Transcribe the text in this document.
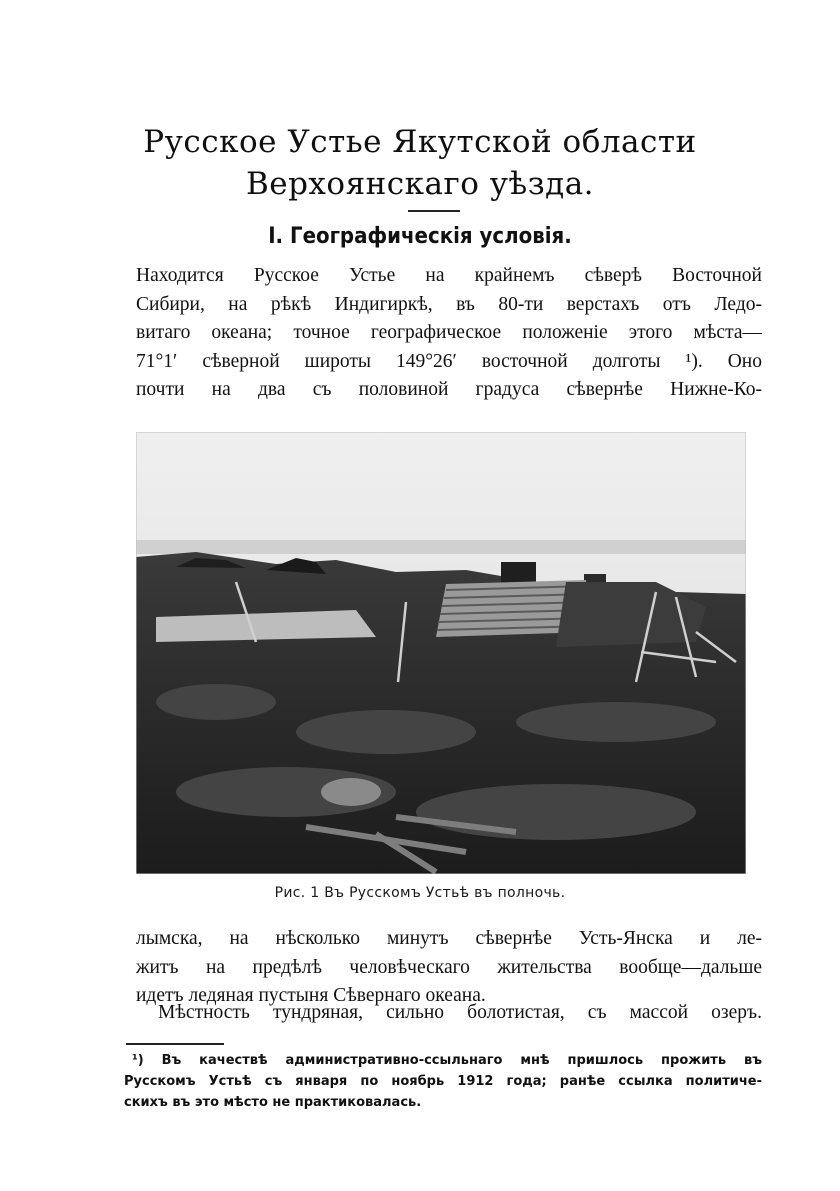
Русское Устье Якутской области
Верхоянскаго уѣзда.
I. Географическія условія.
Находится Русское Устье на крайнемъ сѣверѣ Восточной
Сибири, на рѣкѣ Индигиркѣ, въ 80-ти верстахъ отъ Ледо-
витаго океана; точное географическое положеніе этого мѣста—
71°1′ сѣверной широты 149°26′ восточной долготы ¹). Оно
почти на два съ половиной градуса сѣвернѣе Нижне-Ко-
Рис. 1 Въ Русскомъ Устьѣ въ полночь.
лымска, на нѣсколько минутъ сѣвернѣе Усть-Янска и ле-
житъ на предѣлѣ человѣческаго жительства вообще—дальше
идетъ ледяная пустыня Сѣвернаго океана.
Мѣстность тундряная, сильно болотистая, съ массой озеръ.
¹) Въ качествѣ административно-ссыльнаго мнѣ пришлось прожить въ
Русскомъ Устьѣ съ января по ноябрь 1912 года; ранѣе ссылка политиче-
скихъ въ это мѣсто не практиковалась.
